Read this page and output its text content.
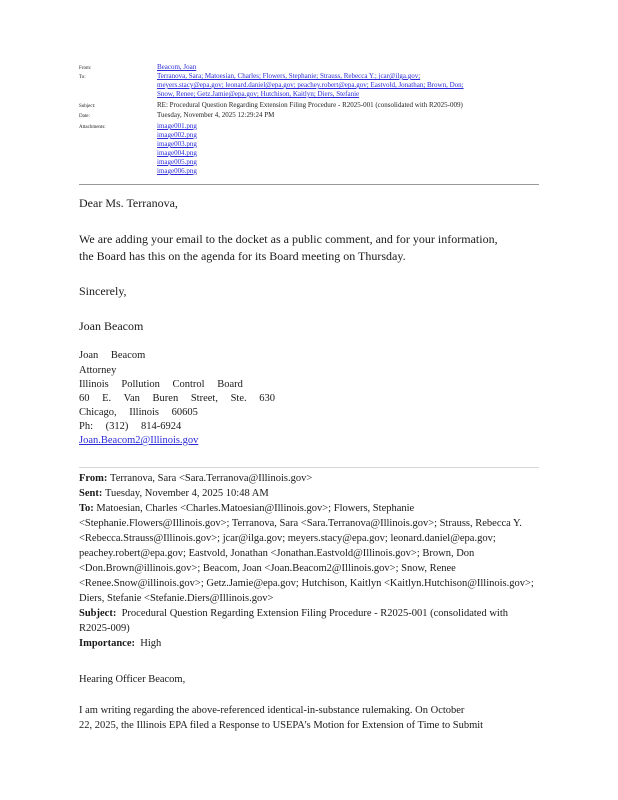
From:	Beacom, Joan
To:	Terranova, Sara; Matoesian, Charles; Flowers, Stephanie; Strauss, Rebecca Y.; jcar@ilga.gov;
meyers.stacy@epa.gov; leonard.daniel@epa.gov; peachey.robert@epa.gov; Eastvold, Jonathan; Brown, Don;
Snow, Renee; Getz.Jamie@epa.gov; Hutchison, Kaitlyn; Diers, Stefanie
Subject:	RE: Procedural Question Regarding Extension Filing Procedure - R2025-001 (consolidated with R2025-009)
Date:	Tuesday, November 4, 2025 12:29:24 PM
Attachments:	image001.png
image002.png
image003.png
image004.png
image005.png
image006.png
Dear Ms. Terranova,
We are adding your email to the docket as a public comment, and for your information,
the Board has this on the agenda for its Board meeting on Thursday.
Sincerely,
Joan Beacom
Joan Beacom
Attorney
Illinois Pollution Control Board
60 E. Van Buren Street, Ste. 630
Chicago, Illinois 60605
Ph: (312) 814-6924
Joan.Beacom2@Illinois.gov
From: Terranova, Sara <Sara.Terranova@Illinois.gov>
Sent: Tuesday, November 4, 2025 10:48 AM
To: Matoesian, Charles <Charles.Matoesian@Illinois.gov>; Flowers, Stephanie <Stephanie.Flowers@Illinois.gov>; Terranova, Sara <Sara.Terranova@Illinois.gov>; Strauss, Rebecca Y. <Rebecca.Strauss@Illinois.gov>; jcar@ilga.gov; meyers.stacy@epa.gov; leonard.daniel@epa.gov; peachey.robert@epa.gov; Eastvold, Jonathan <Jonathan.Eastvold@Illinois.gov>; Brown, Don <Don.Brown@illinois.gov>; Beacom, Joan <Joan.Beacom2@Illinois.gov>; Snow, Renee <Renee.Snow@illinois.gov>; Getz.Jamie@epa.gov; Hutchison, Kaitlyn <Kaitlyn.Hutchison@Illinois.gov>; Diers, Stefanie <Stefanie.Diers@Illinois.gov>
Subject: Procedural Question Regarding Extension Filing Procedure - R2025-001 (consolidated with R2025-009)
Importance: High
Hearing Officer Beacom,
I am writing regarding the above-referenced identical-in-substance rulemaking. On October
22, 2025, the Illinois EPA filed a Response to USEPA’s Motion for Extension of Time to Submit
